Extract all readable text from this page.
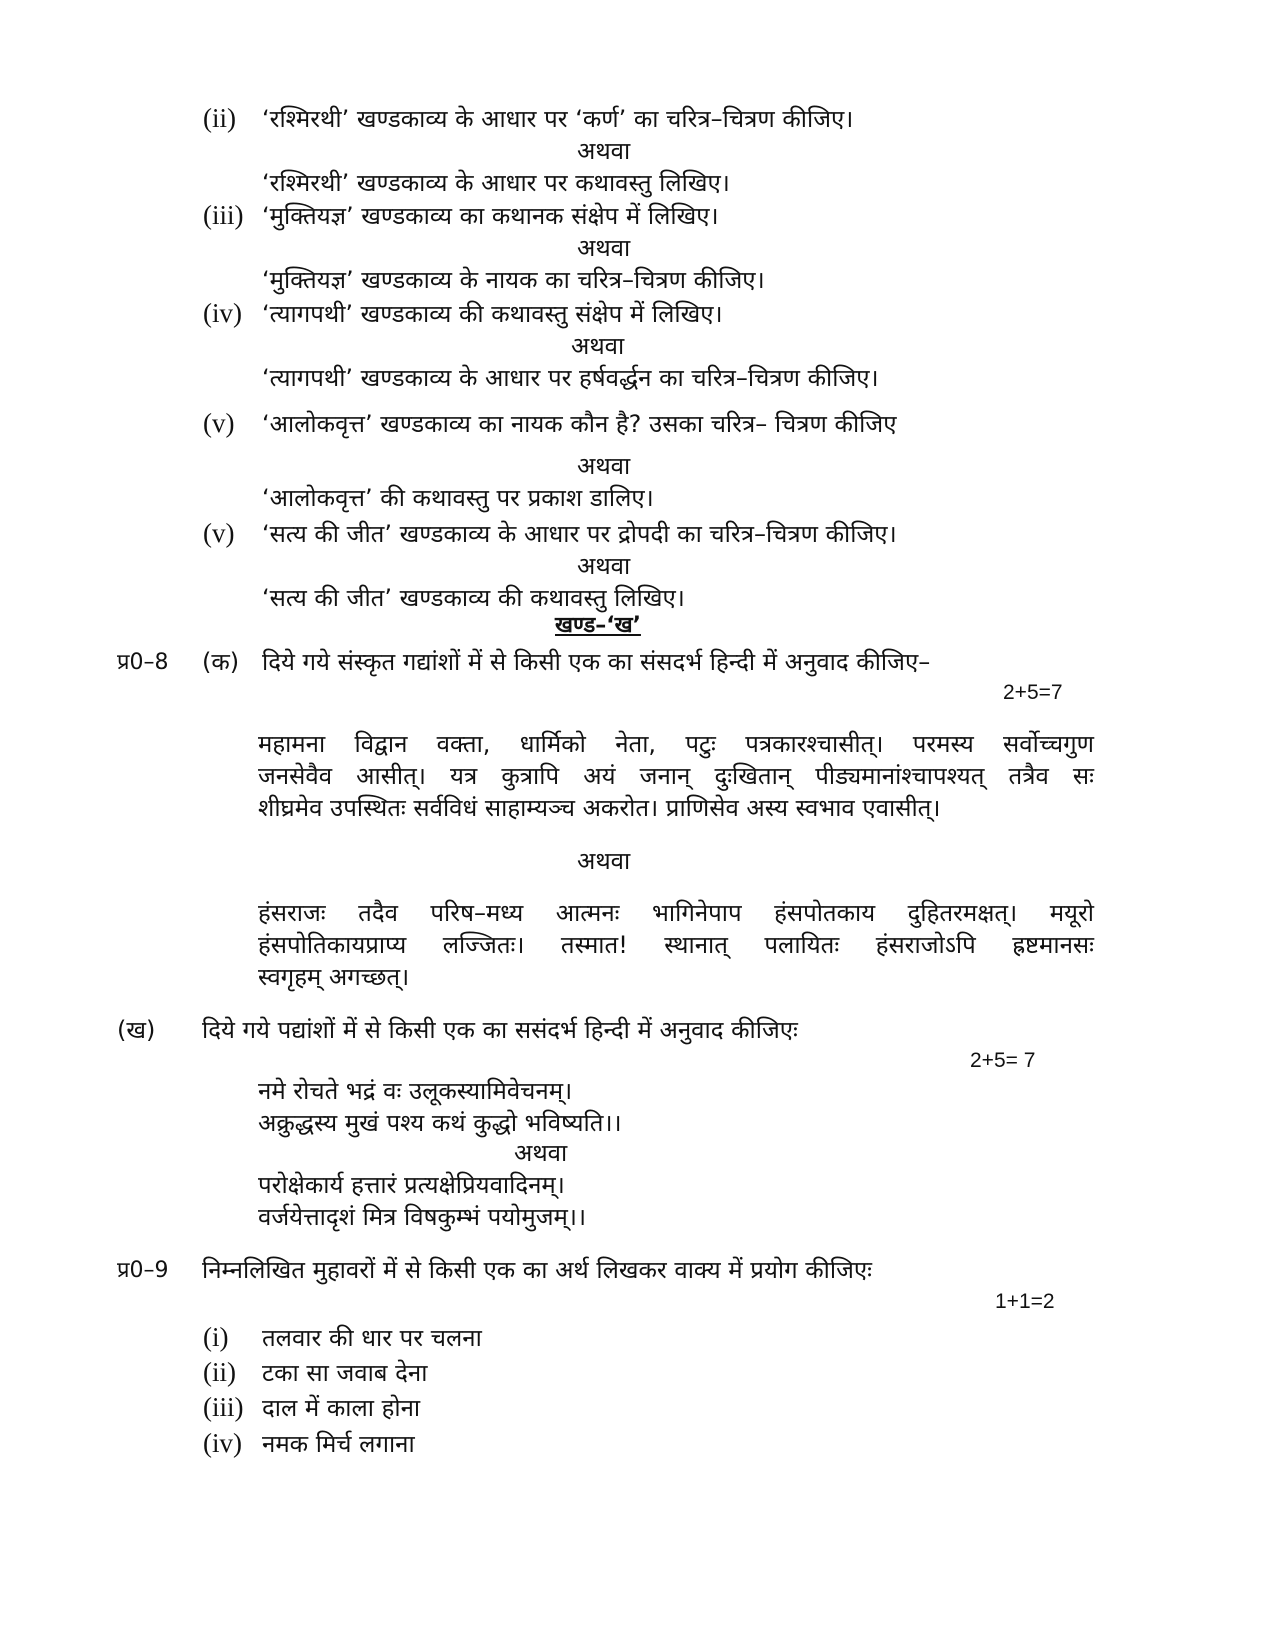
(ii) ‘रश्मिरथी’ खण्डकाव्य के आधार पर ‘कर्ण’ का चरित्र–चित्रण कीजिए।
अथवा
‘रश्मिरथी’ खण्डकाव्य के आधार पर कथावस्तु लिखिए।
(iii) ‘मुक्तियज्ञ’ खण्डकाव्य का कथानक संक्षेप में लिखिए।
अथवा
‘मुक्तियज्ञ’ खण्डकाव्य के नायक का चरित्र–चित्रण कीजिए।
(iv) ‘त्यागपथी’ खण्डकाव्य की कथावस्तु संक्षेप में लिखिए।
अथवा
‘त्यागपथी’ खण्डकाव्य के आधार पर हर्षवर्द्धन का चरित्र–चित्रण कीजिए।
(v) ‘आलोकवृत्त’ खण्डकाव्य का नायक कौन है? उसका चरित्र– चित्रण कीजिए
अथवा
‘आलोकवृत्त’ की कथावस्तु पर प्रकाश डालिए।
(v) ‘सत्य की जीत’ खण्डकाव्य के आधार पर द्रोपदी का चरित्र–चित्रण कीजिए।
अथवा
‘सत्य की जीत’ खण्डकाव्य की कथावस्तु लिखिए।
खण्ड–‘ख’
प्र0–8 (क) दिये गये संस्कृत गद्यांशों में से किसी एक का संसदर्भ हिन्दी में अनुवाद कीजिए–
2+5=7
महामना विद्वान वक्ता, धार्मिको नेता, पटुः पत्रकारश्चासीत्। परमस्य सर्वोच्चगुण
जनसेवैव आसीत्। यत्र कुत्रापि अयं जनान् दुःखितान् पीड्यमानांश्चापश्यत् तत्रैव सः
शीघ्रमेव उपस्थितः सर्वविधं साहाम्यञ्च अकरोत। प्राणिसेव अस्य स्वभाव एवासीत्।
अथवा
हंसराजः तदैव परिष–मध्य आत्मनः भागिनेपाप हंसपोतकाय दुहितरमक्षत्। मयूरो
हंसपोतिकायप्राप्य लज्जितः। तस्मात! स्थानात् पलायितः हंसराजोऽपि ह्रष्टमानसः
स्वगृहम् अगच्छत्।
(ख) दिये गये पद्यांशों में से किसी एक का ससंदर्भ हिन्दी में अनुवाद कीजिएः
2+5= 7
नमे रोचते भद्रं वः उलूकस्यामिवेचनम्।
अक्रुद्धस्य मुखं पश्य कथं कुद्धो भविष्यति।।
अथवा
परोक्षेकार्य हत्तारं प्रत्यक्षेप्रियवादिनम्।
वर्जयेत्तादृशं मित्र विषकुम्भं पयोमुजम्।।
प्र0–9 निम्नलिखित मुहावरों में से किसी एक का अर्थ लिखकर वाक्य में प्रयोग कीजिएः
1+1=2
(i) तलवार की धार पर चलना
(ii) टका सा जवाब देना
(iii) दाल में काला होना
(iv) नमक मिर्च लगाना
